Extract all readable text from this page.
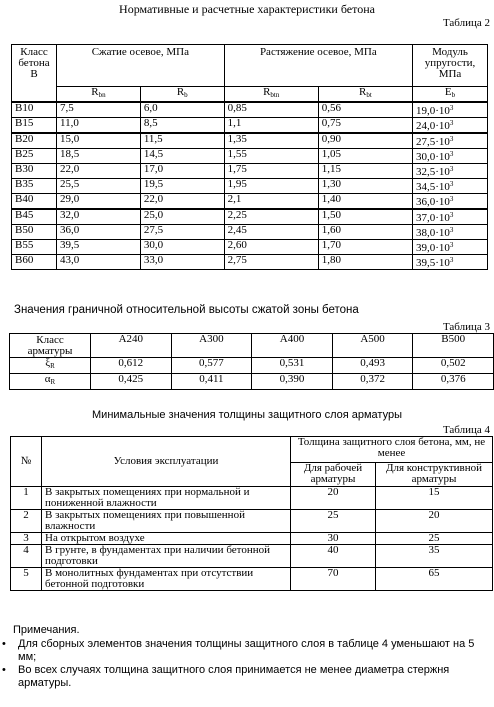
Нормативные и расчетные характеристики бетона
Таблица 2
Класс бетона В	Сжатие осевое, МПа		Растяжение осевое, МПа		Модуль упругости, МПа
	$R_{bn}$	$R_b$	$R_{btn}$	$R_{bt}$	$E_b$
B10	7,5	6,0	0,85	0,56	$19,0\cdot 10^3$
B15	11,0	8,5	1,1	0,75	$24,0\cdot 10^3$
B20	15,0	11,5	1,35	0,90	$27,5\cdot 10^3$
B25	18,5	14,5	1,55	1,05	$30,0\cdot 10^3$
B30	22,0	17,0	1,75	1,15	$32,5\cdot 10^3$
B35	25,5	19,5	1,95	1,30	$34,5\cdot 10^3$
B40	29,0	22,0	2,1	1,40	$36,0\cdot 10^3$
B45	32,0	25,0	2,25	1,50	$37,0\cdot 10^3$
B50	36,0	27,5	2,45	1,60	$38,0\cdot 10^3$
B55	39,5	30,0	2,60	1,70	$39,0\cdot 10^3$
B60	43,0	33,0	2,75	1,80	$39,5\cdot 10^3$
Значения граничной относительной высоты сжатой зоны бетона
Таблица 3
Класс арматуры	A240	A300	A400	A500	B500
$\xi_R$	0,612	0,577	0,531	0,493	0,502
$\alpha_R$	0,425	0,411	0,390	0,372	0,376
Минимальные значения толщины защитного слоя арматуры
Таблица 4
№	Условия эксплуатации	Толщина защитного слоя бетона, мм, не менее	
		Для рабочей арматуры	Для конструктивной арматуры
1	В закрытых помещениях при нормальной и пониженной влажности	20	15
2	В закрытых помещениях при повышенной влажности	25	20
3	На открытом воздухе	30	25
4	В грунте, в фундаментах при наличии бетонной подготовки	40	35
5	В монолитных фундаментах при отсутствии бетонной подготовки	70	65
Примечания.
• Для сборных элементов значения толщины защитного слоя в таблице 4 уменьшают на 5 мм;
• Во всех случаях толщина защитного слоя принимается не менее диаметра стержня арматуры.
